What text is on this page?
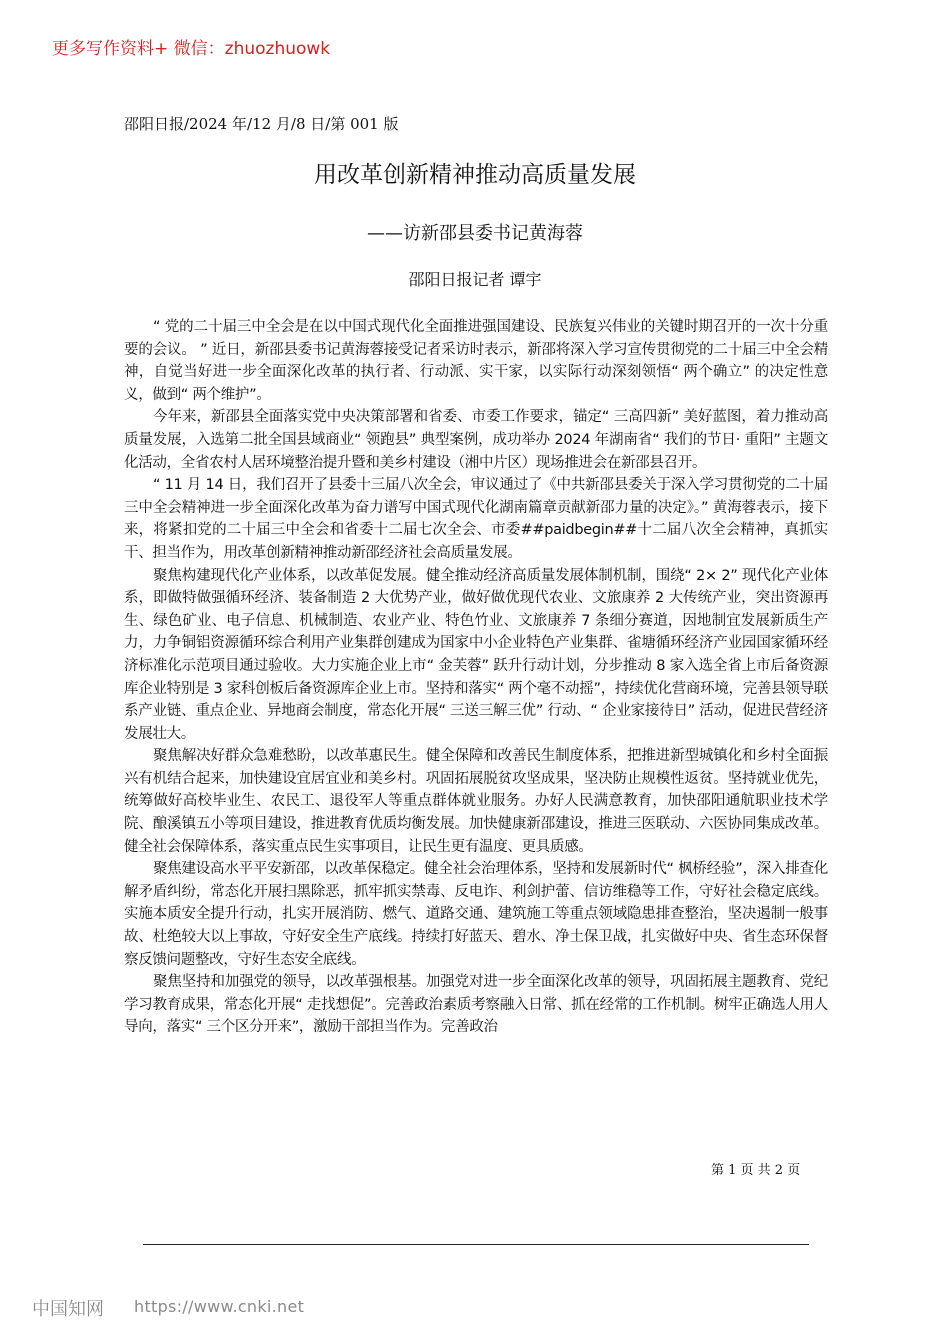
更多写作资料+ 微信：zhuozhuowk
邵阳日报/2024 年/12 月/8 日/第 001 版
用改革创新精神推动高质量发展
——访新邵县委书记黄海蓉
邵阳日报记者 谭宇

“ 党的二十届三中全会是在以中国式现代化全面推进强国建设、民族复兴伟业的关键时期召开的一次十分重要的会议。 ” 近日，新邵县委书记黄海蓉接受记者采访时表示，新邵将深入学习宣传贯彻党的二十届三中全会精神，自觉当好进一步全面深化改革的执行者、行动派、实干家，以实际行动深刻领悟“ 两个确立” 的决定性意义，做到“ 两个维护”。

今年来，新邵县全面落实党中央决策部署和省委、市委工作要求，锚定“ 三高四新” 美好蓝图，着力推动高质量发展，入选第二批全国县域商业“ 领跑县” 典型案例，成功举办 2024 年湖南省“ 我们的节日· 重阳” 主题文化活动，全省农村人居环境整治提升暨和美乡村建设（湘中片区）现场推进会在新邵县召开。

“ 11 月 14 日，我们召开了县委十三届八次全会，审议通过了《中共新邵县委关于深入学习贯彻党的二十届三中全会精神进一步全面深化改革为奋力谱写中国式现代化湖南篇章贡献新邵力量的决定》。” 黄海蓉表示，接下来，将紧扣党的二十届三中全会和省委十二届七次全会、市委##paidbegin##十二届八次全会精神，真抓实干、担当作为，用改革创新精神推动新邵经济社会高质量发展。

聚焦构建现代化产业体系，以改革促发展。健全推动经济高质量发展体制机制，围绕“ 2× 2” 现代化产业体系，即做特做强循环经济、装备制造 2 大优势产业，做好做优现代农业、文旅康养 2 大传统产业，突出资源再生、绿色矿业、电子信息、机械制造、农业产业、特色竹业、文旅康养 7 条细分赛道，因地制宜发展新质生产力，力争铜铝资源循环综合利用产业集群创建成为国家中小企业特色产业集群、雀塘循环经济产业园国家循环经济标准化示范项目通过验收。大力实施企业上市“ 金芙蓉” 跃升行动计划，分步推动 8 家入选全省上市后备资源库企业特别是 3 家科创板后备资源库企业上市。坚持和落实“ 两个毫不动摇”，持续优化营商环境，完善县领导联系产业链、重点企业、异地商会制度，常态化开展“ 三送三解三优” 行动、“ 企业家接待日” 活动，促进民营经济发展壮大。

聚焦解决好群众急难愁盼，以改革惠民生。健全保障和改善民生制度体系，把推进新型城镇化和乡村全面振兴有机结合起来，加快建设宜居宜业和美乡村。巩固拓展脱贫攻坚成果，坚决防止规模性返贫。坚持就业优先，统筹做好高校毕业生、农民工、退役军人等重点群体就业服务。办好人民满意教育，加快邵阳通航职业技术学院、酿溪镇五小等项目建设，推进教育优质均衡发展。加快健康新邵建设，推进三医联动、六医协同集成改革。健全社会保障体系，落实重点民生实事项目，让民生更有温度、更具质感。

聚焦建设高水平平安新邵，以改革保稳定。健全社会治理体系，坚持和发展新时代“ 枫桥经验”，深入排查化解矛盾纠纷，常态化开展扫黑除恶，抓牢抓实禁毒、反电诈、利剑护蕾、信访维稳等工作，守好社会稳定底线。实施本质安全提升行动，扎实开展消防、燃气、道路交通、建筑施工等重点领域隐患排查整治，坚决遏制一般事故、杜绝较大以上事故，守好安全生产底线。持续打好蓝天、碧水、净土保卫战，扎实做好中央、省生态环保督察反馈问题整改，守好生态安全底线。

聚焦坚持和加强党的领导，以改革强根基。加强党对进一步全面深化改革的领导，巩固拓展主题教育、党纪学习教育成果，常态化开展“ 走找想促”。完善政治素质考察融入日常、抓在经常的工作机制。树牢正确选人用人导向，落实“ 三个区分开来”，激励干部担当作为。完善政治

第 1 页 共 2 页
中国知网 https://www.cnki.net
